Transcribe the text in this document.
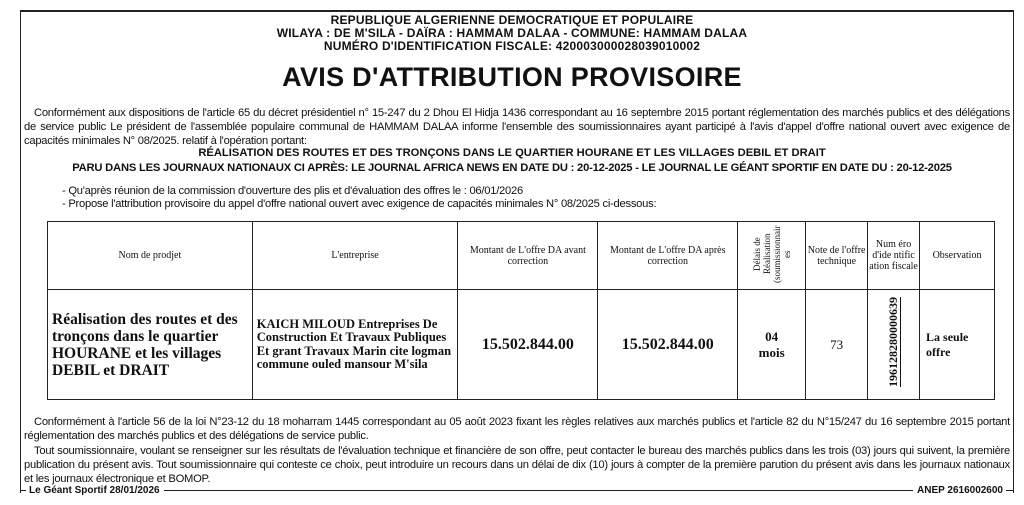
REPUBLIQUE ALGERIENNE DEMOCRATIQUE ET POPULAIRE
WILAYA : DE M'SILA - DAÏRA : HAMMAM DALAA - COMMUNE: HAMMAM DALAA
NUMÉRO D'IDENTIFICATION FISCALE: 420003000028039010002
AVIS D'ATTRIBUTION PROVISOIRE
Conformément aux dispositions de l'article 65 du décret présidentiel n° 15-247 du 2 Dhou El Hidja 1436 correspondant au 16 septembre 2015 portant réglementation des marchés publics et des délégations de service public Le président de l'assemblée populaire communal de HAMMAM DALAA informe l'ensemble des soumissionnaires ayant participé à l'avis d'appel d'offre national ouvert avec exigence de capacités minimales N° 08/2025. relatif à l'opération portant:
RÉALISATION DES ROUTES ET DES TRONÇONS DANS LE QUARTIER HOURANE ET LES VILLAGES DEBIL ET DRAIT
PARU DANS LES JOURNAUX NATIONAUX CI APRÈS: LE JOURNAL AFRICA NEWS EN DATE DU : 20-12-2025 - LE JOURNAL LE GÉANT SPORTIF EN DATE DU : 20-12-2025
- Qu'après réunion de la commission d'ouverture des plis et d'évaluation des offres le : 06/01/2026
- Propose l'attribution provisoire du appel d'offre national ouvert avec exigence de capacités minimales N° 08/2025 ci-dessous:
Nom de prodjet	L'entreprise	Montant de L'offre DA avant correction	Montant de L'offre DA après correction	Délais de Réalisation (soumissionnair es	Note de l'offre technique	Num éro d'ide ntific ation fiscale	Observation
Réalisation des routes et des tronçons dans le quartier HOURANE et les villages DEBIL et DRAIT	KAICH MILOUD Entreprises De Construction Et Travaux Publiques Et grant Travaux Marin cite logman commune ouled mansour M'sila	15.502.844.00	15.502.844.00	04 mois	73	196128280000639	La seule offre
Conformément à l'article 56 de la loi N°23-12 du 18 moharram 1445 correspondant au 05 août 2023 fixant les règles relatives aux marchés publics et l'article 82 du N°15/247 du 16 septembre 2015 portant réglementation des marchés publics et des délégations de service public.
Tout soumissionnaire, voulant se renseigner sur les résultats de l'évaluation technique et financière de son offre, peut contacter le bureau des marchés publics dans les trois (03) jours qui suivent, la première publication du présent avis. Tout soumissionnaire qui conteste ce choix, peut introduire un recours dans un délai de dix (10) jours à compter de la première parution du présent avis dans les journaux nationaux et les journaux électronique et BOMOP.
Le Géant Sportif 28/01/2026	ANEP 2616002600
